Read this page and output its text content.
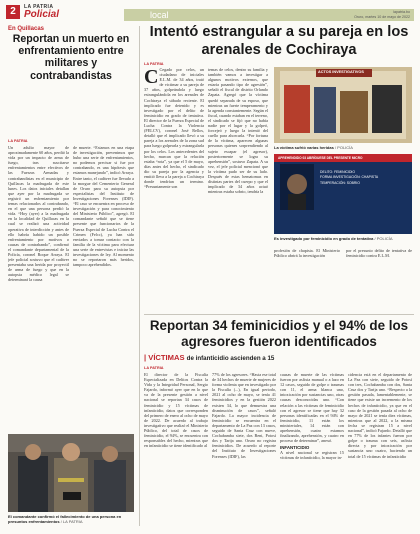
2	LA PATRIA
Policial	local	lapatria.bo
Oruro, martes 10 de mayo de 2022
En Quillacas
Reportan un muerto en enfrentamiento entre militares y contrabandistas
LA PATRIA
Un adulto mayor de aproximadamente 60 años, perdió la vida por un impacto de arma de fuego, tras suscitarse enfrentamientos entre efectivos de las Fuerzas Armadas y contrabandistas en el municipio de Quillacas la madrugada de este lunes. Los datos iniciales detallan que ayer por la madrugada se registró un enfrentamiento por temas relacionados al contrabando, en el que una persona perdió la vida. “Hoy (ayer) a la madrugada en la localidad de Quillacas en la cual se realizó una actividad operativa de interdicción y antes de ello habría habido un posible enfrentamiento por motivos o causas de contrabando”, confirmó el comandante departamental de la Policía, coronel Roque Arraya. El jefe policial sostuvo que el cadáver presentaba una herida por proyectil de arma de fuego y que en la autopsia médico legal se determinará la causa
de muerte. “Estamos en una etapa de investigación, prevenimos que hubo una serie de enfrentamientos, no podemos precisar si fue por contrabando, es una hipótesis que estamos manejando”, indicó Arraya. Entre tanto, el cadáver fue llevado a la morgue del Cementerio General de Oruro para su autopsia por especialistas del Instituto de Investigaciones Forenses (IDIF). “El caso se encuentra en proceso de investigación y para conocimiento del Ministerio Público”, agregó. El comandante señaló que se tiene presente que funcionarios de la Fuerza Especial de Lucha Contra el Crimen (Felcc), ya han sido enviados a tomar contacto con la familia de la víctima para efectuar una serie de entrevistas e iniciar las investigaciones de ley. Al momento no se reportaron más heridos, tampoco aprehendidos.
El comandante confirmó el fallecimiento de una persona en presuntos enfrentamientos / LA PATRIA
Intentó estrangular a su pareja en los arenales de Cochiraya
LA PATRIA
C Cegado por celos, un ciudadano de iniciales E.L.M. de 34 años, trató de victimar a su pareja de 37 años, golpeándola y luego estrangulándola en los arenales de Cochiraya el sábado reciente. El implicado fue detenido y es investigado por el delito de feminicidio en grado de tentativa. El director de la Fuerza Especial de Lucha Contra la Violencia (FELCV), coronel José Rellos, detalló que el implicado llevó a su pareja a los arenales de la zona sud para luego golpearla y estrangularla por los celos. Los antecedentes del hecho, marcan que la relación estaba “rota”, ya que el 5 de mayo, días antes del hecho, el sindicado dio su pareja por la agencia y emitió lleva a la pareja a Cochiraya donde tendrían un termino. “Presuntamente son
temas de celos, dentro su familia y también vamos a investigar a algunos motivos externos, que estaría pasando tipo de agresión”, señaló el fiscal de distrito Orlando Zapata. Agregó que la víctima quedó separada de su esposo, que mientras un fuerte temperamento y la agenda constantemente. Según el fiscal, cuando estaban en el terreno, el sindicado se fijó que no había nadie por el lugar y la golpeó, forcejeó y luego la intentó del cuello para ahorcarla. “Por fortuna de la víctima, aparecen algunas personas quienes sorprendiendo al sujeto escapar (el agresor), posteriormente se logra su aprehensión”, sostuvo Zapata. A su vez, el jefe policial mencionó que la víctima pudo ser de su lado. Después de estas hematomas en distintas partes del cuerpo y que el implicado de 34 años actuó mientras estaba sobrio, tendría la
ACTOS INVESTIGATIVOS
La víctima sufrió varias heridas / POLICÍA
APREHENDIDO 03 ABRÍGUESE DEL PRESENTE MICRO
DELITO: FEMINICIDIO
FORMA INVESTIGACIÓN: CHAPISTA
TEMPERACIÓN: SOBRIO
Es investigado por feminicidio en grado de tentativa / POLICÍA
profesión de chapista. El Ministerio Público abrirá la investigación
por el presunto delito de tentativa de feminicidio contra E.L.M.
Reportan 34 feminicidios y el 94% de los agresores fueron identificados
| VÍCTIMAS de infanticidio ascienden a 15
LA PATRIA
El director de la Fiscalía Especializada en Delitos Contra la Vida y la Integridad Personal, Sergio Fajardo, informó ayer que en lo que va de la presente gestión a nivel nacional se reportan 34 casos de feminicidio y 15 víctimas de infanticidio, datos que corresponden del primero de enero al ocho de mayo de 2022. De acuerdo al trabajo investigativo que realizó el Ministerio Público, del total de casos de feminicidio, el 94%, se encuentra con responsables del hecho, mientras que en infanticidio se tiene identificado al
77% de los agresores. “Hasta ese total de 34 hechos de muerte de mujeres de forma violenta que en investigado por la Fiscalía (...), En igual periodo, 2021 al ocho de mayo, se tenía 41 feminicidios y en la gestión 2022 existen 34, lo que demuestra una disminución de casos”, señaló Fajardo. La mayor incidencia de feminicidio se encuentra en el departamento de La Paz con 13 casos, seguido de Santa Cruz con nueve, Cochabamba siete, dos Beni, Potosí dos y Tarija uno. Oruro no registra feminicidios. De acuerdo al reporte del Instituto de Investigaciones Forenses (IDIF), las
causas de muerte de las víctimas fueron por asfixia manual o a lazo en 12 casos, seguido de golpe o traumas con 11, el arma blanca uno, intoxicación por sustancias uno, otras causas desconocidas uno. “Con relación a las víctimas de feminicidio con el agresor se tiene que hay 32 personas identificadas en el 94% de feminicidio, 11 están los ministeriales, 14 están con aprehensión, cuatro estamos finalizando, aprehensión, y cuatro en proceso de determinar”, anexó.
INFANTICIDIO
A nivel nacional se registran 15 víctimas de infanticidio, la mayor in-
cidencia está en el departamento de La Paz con siete, seguido de Potosí con tres, Cochabamba con dos, Santa Cruz dos y Tarija uno. “Respecto a la gestión pasada, lamentablemente, se tiene que existe un incremento de los hechos de infanticidio, ya que en el caso de la gestión pasada al ocho de mayo de 2021 se tenía diez víctimas, mientras que al 2022, a la misma fecha se registran 15 a nivel nacional”, indicó Fajardo. Detalló que en 77% de los infantes fueron por golpe o trauma con seis, asfixia directa y por intoxicación por sustancia uno cuatro, haciendo un total de 15 víctimas de infanticidio
